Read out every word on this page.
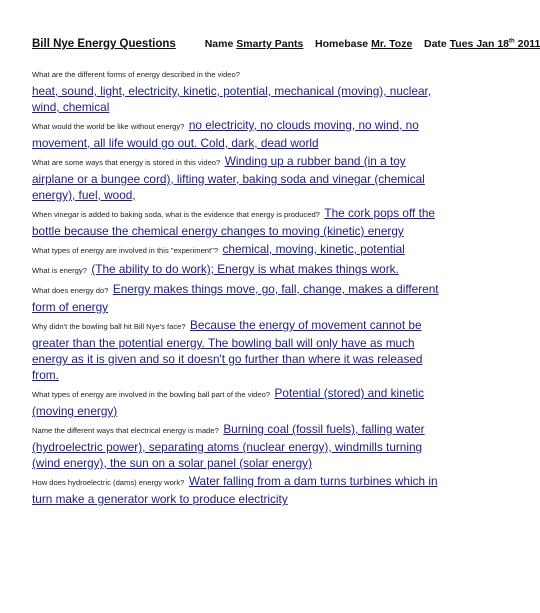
Bill Nye Energy Questions	Name Smarty Pants Homebase Mr. Toze Date Tues Jan 18th 2011
What are the different forms of energy described in the video?
heat, sound, light, electricity, kinetic, potential, mechanical (moving), nuclear, wind, chemical
What would the world be like without energy? no electricity, no clouds moving, no wind, no movement, all life would go out. Cold, dark, dead world
What are some ways that energy is stored in this video? Winding up a rubber band (in a toy airplane or a bungee cord), lifting water, baking soda and vinegar (chemical energy), fuel, wood,
When vinegar is added to baking soda, what is the evidence that energy is produced? The cork pops off the bottle because the chemical energy changes to moving (kinetic) energy
What types of energy are involved in this "experiment"? chemical, moving, kinetic, potential
What is energy? (The ability to do work); Energy is what makes things work.
What does energy do? Energy makes things move, go, fall, change, makes a different form of energy
Why didn't the bowling ball hit Bill Nye's face? Because the energy of movement cannot be greater than the potential energy. The bowling ball will only have as much energy as it is given and so it doesn't go further than where it was released from.
What types of energy are involved in the bowling ball part of the video? Potential (stored) and kinetic (moving energy)
Name the different ways that electrical energy is made? Burning coal (fossil fuels), falling water (hydroelectric power), separating atoms (nuclear energy), windmills turning (wind energy), the sun on a solar panel (solar energy)
How does hydroelectric (dams) energy work? Water falling from a dam turns turbines which in turn make a generator work to produce electricity
